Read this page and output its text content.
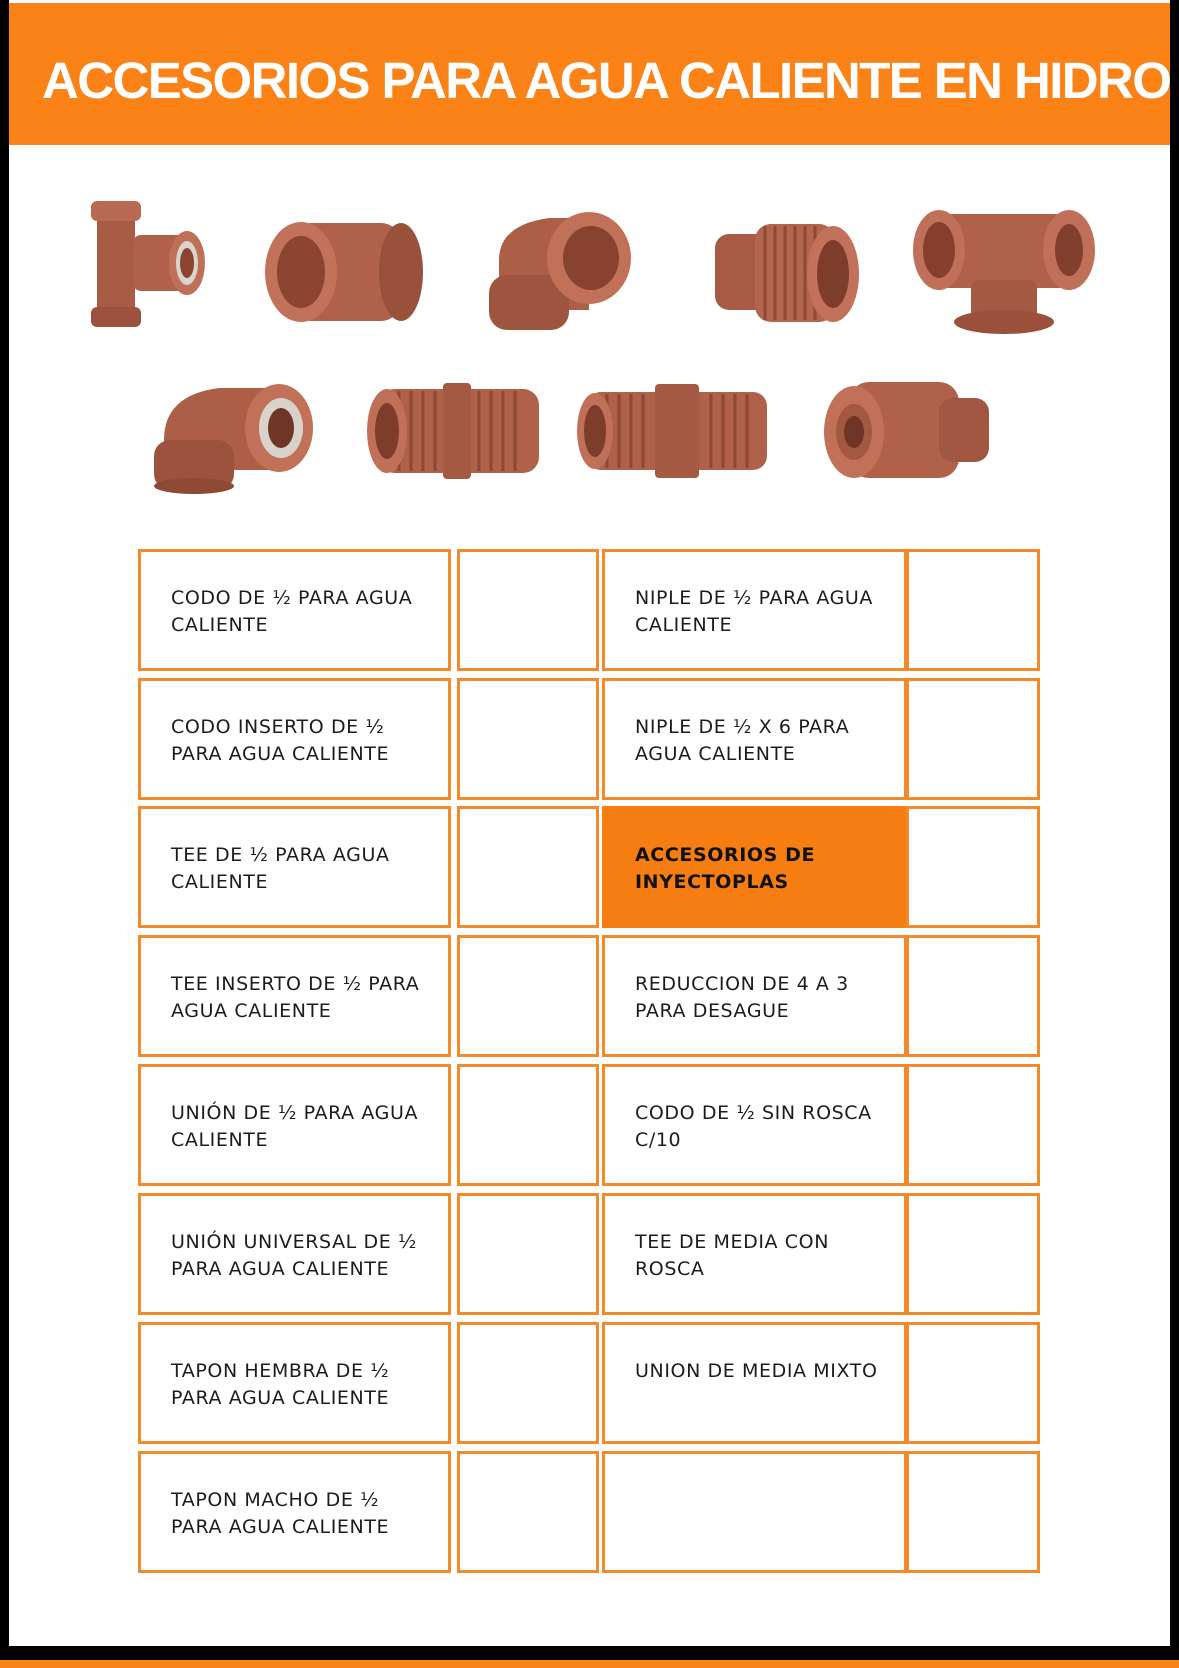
ACCESORIOS PARA AGUA CALIENTE EN HIDRO
CODO DE ½ PARA AGUA CALIENTE
NIPLE DE ½ PARA AGUA CALIENTE
CODO INSERTO DE ½ PARA AGUA CALIENTE
NIPLE DE ½ X 6 PARA AGUA CALIENTE
TEE DE ½ PARA AGUA CALIENTE
ACCESORIOS DE INYECTOPLAS
TEE INSERTO DE ½ PARA AGUA CALIENTE
REDUCCION DE 4 A 3 PARA DESAGUE
UNIÓN DE ½ PARA AGUA CALIENTE
CODO DE ½ SIN ROSCA C/10
UNIÓN UNIVERSAL DE ½ PARA AGUA CALIENTE
TEE DE MEDIA CON ROSCA
TAPON HEMBRA DE ½ PARA AGUA CALIENTE
UNION DE MEDIA MIXTO
TAPON MACHO DE ½ PARA AGUA CALIENTE
